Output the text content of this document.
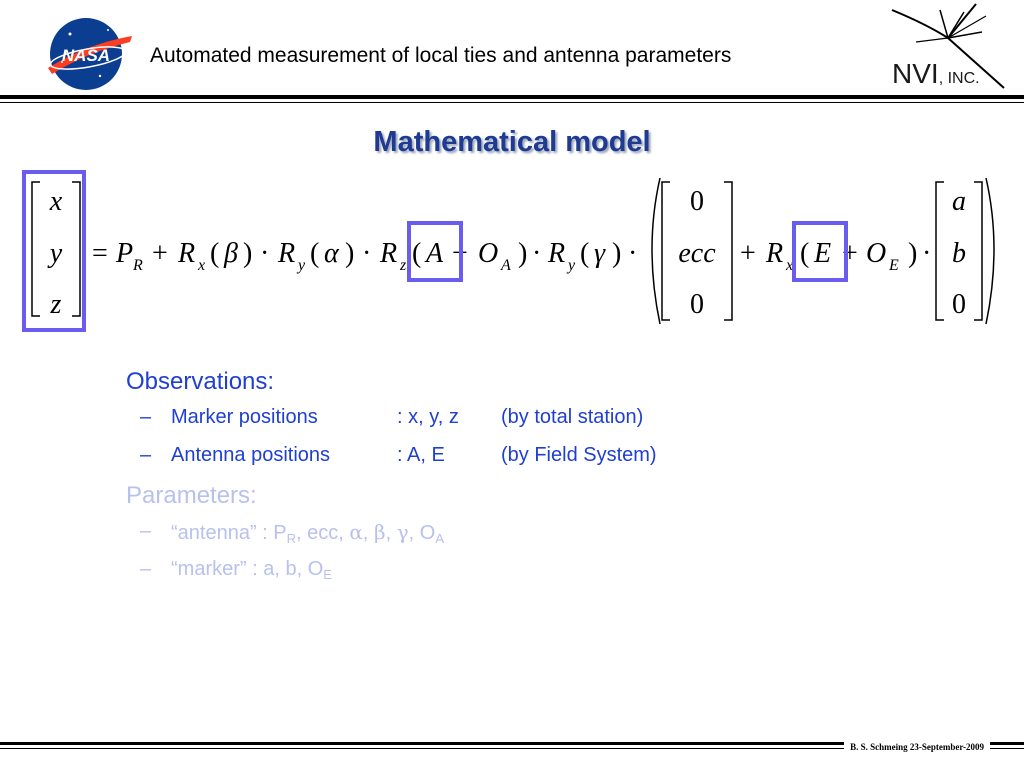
NASA Automated measurement of local ties and antenna parameters
NVI, INC.
Mathematical model
x
y
z
= P R + R x ( β ) · R y ( α ) · R z ( A + O A ) · R y ( γ ) ·
0
ecc
0
+ R x ( E + O E ) ·
a
b
0
Observations:
– Marker positions	: x, y, z (by total station)
– Antenna positions	: A, E	(by Field System)
Parameters:
– “antenna” : $P_R$, ecc, α, β, γ, $O_A$
– “marker” : a, b, $O_E$
B. S. Schmeing 23-September-2009
